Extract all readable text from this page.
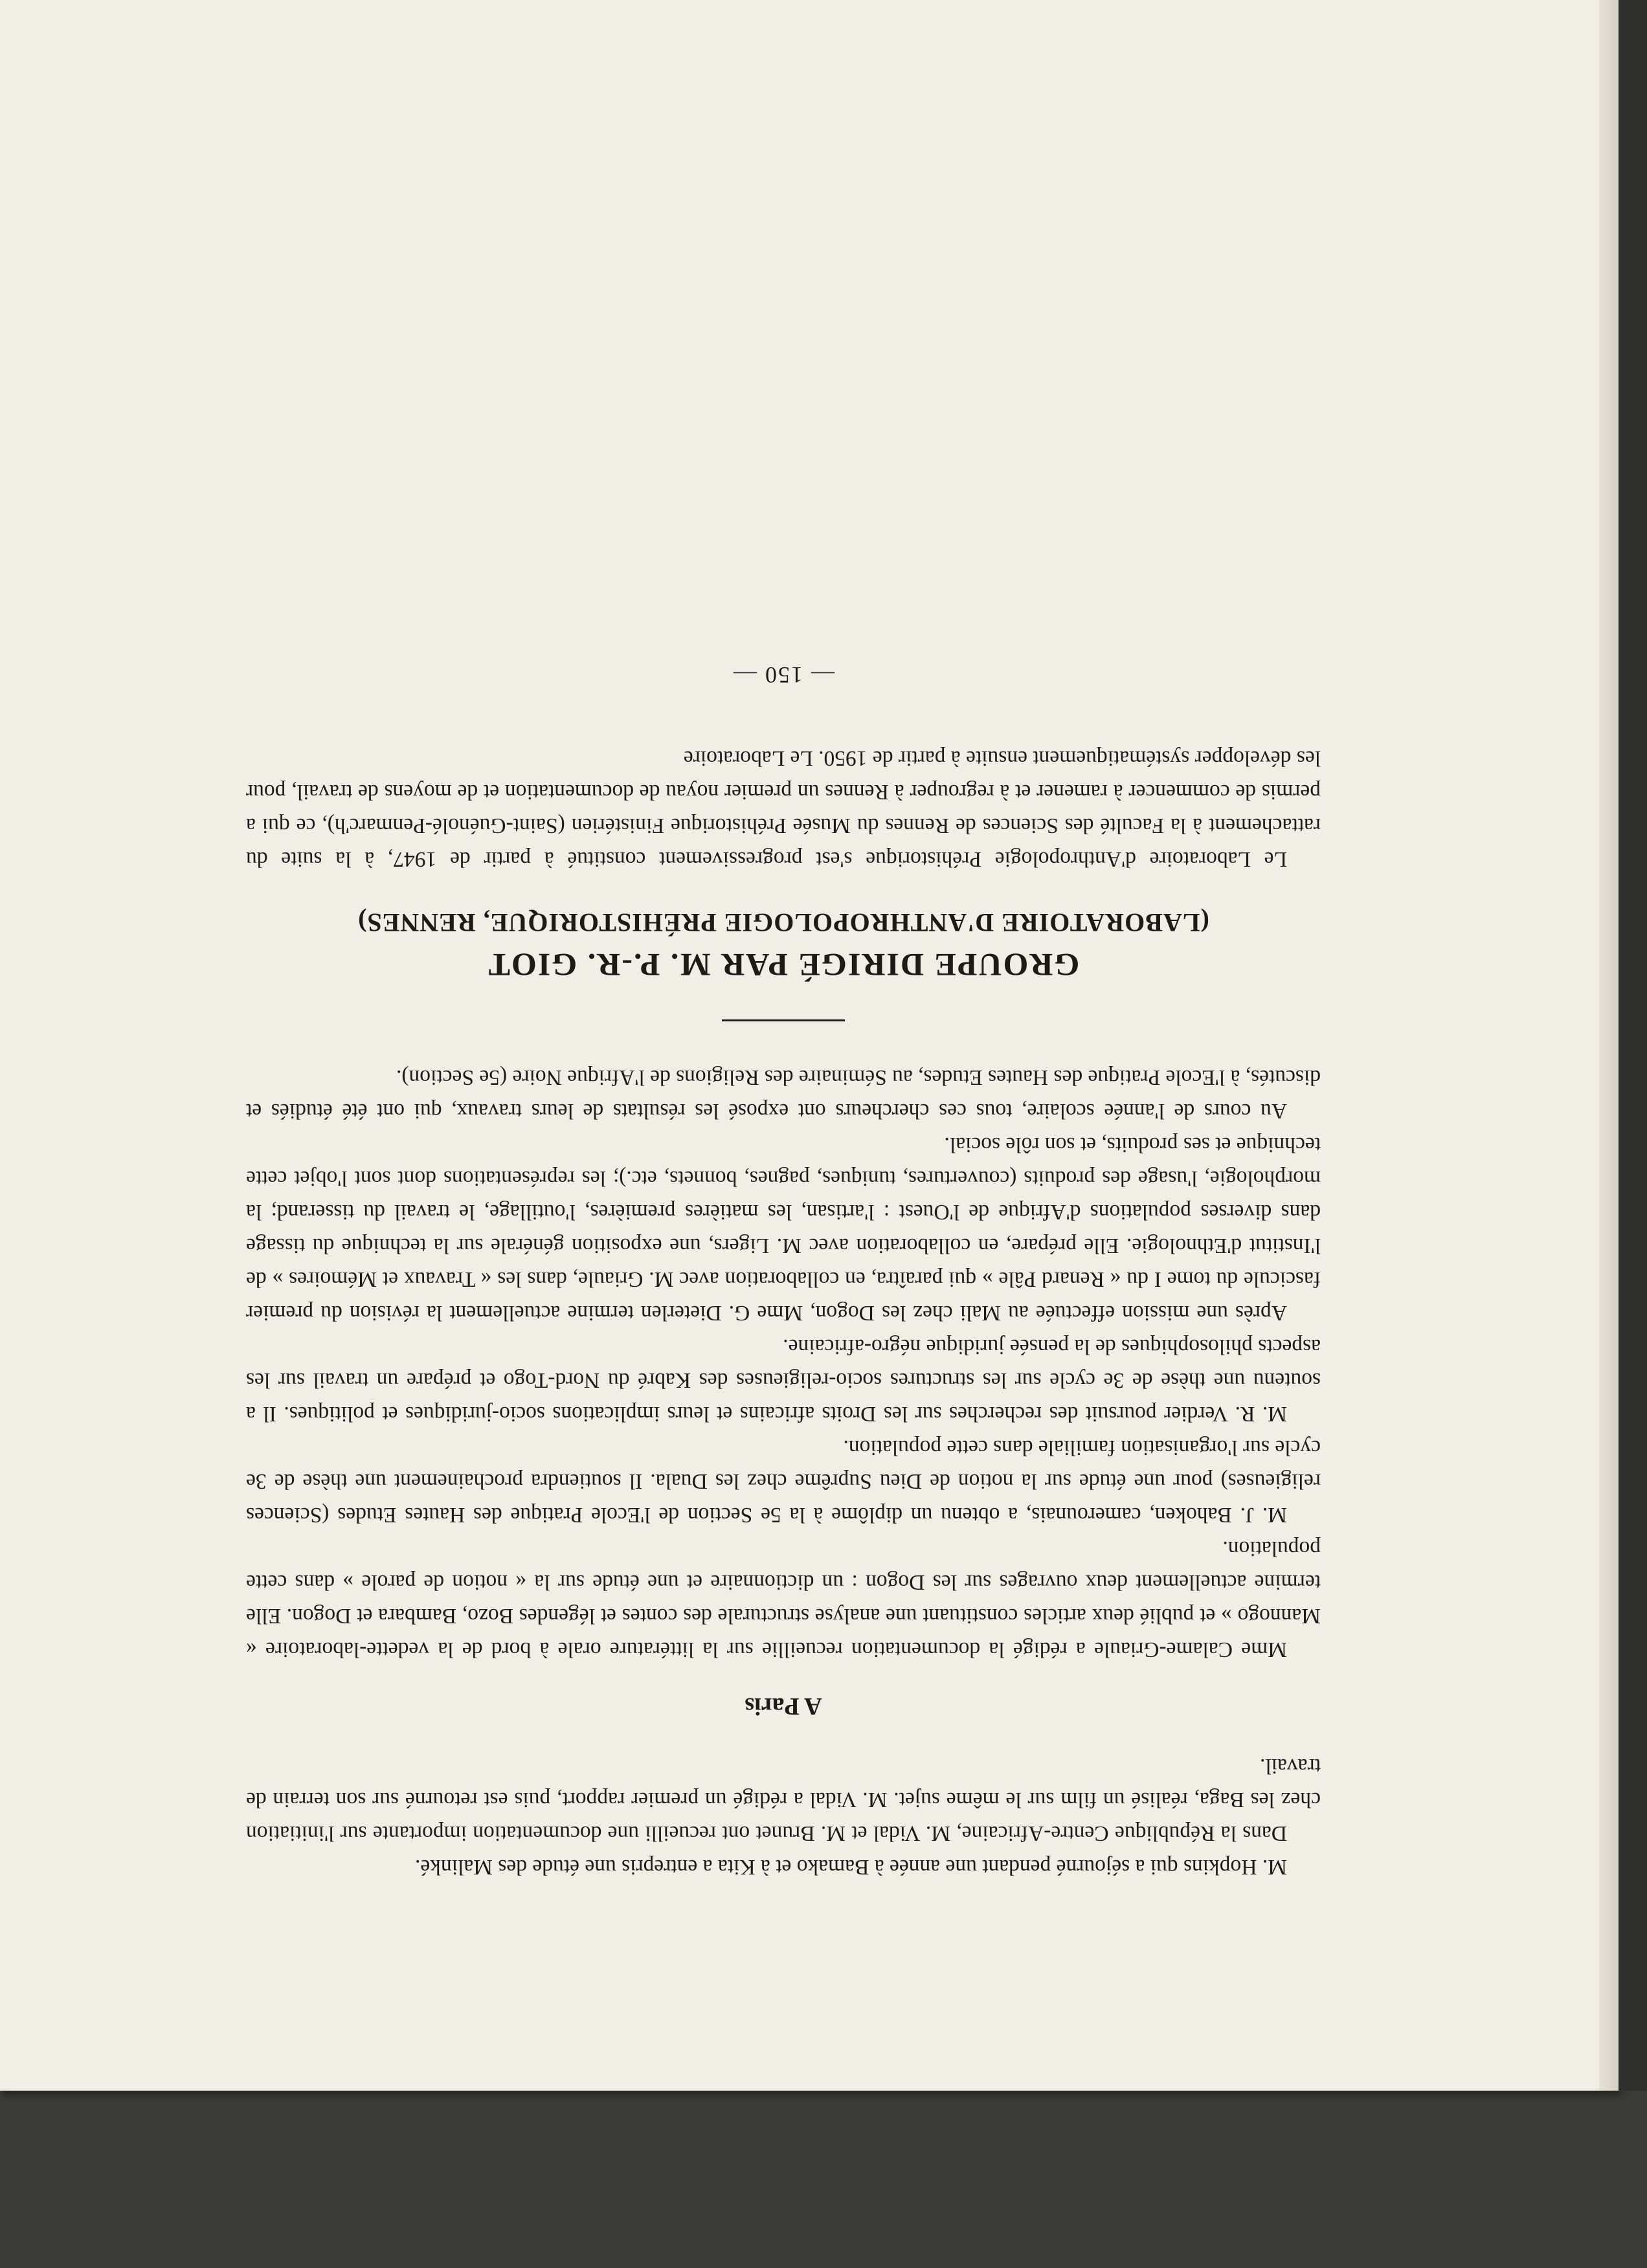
M. Hopkins qui a séjourné pendant une année à Bamako et à Kita a entrepris une étude des Malinké.

Dans la République Centre-Africaine, M. Vidal et M. Brunet ont recueilli une documentation importante sur l'initiation chez les Baga, réalisé un film sur le même sujet. M. Vidal a rédigé un premier rapport, puis est retourné sur son terrain de travail.

A Paris

Mme Calame-Griaule a rédigé la documentation recueillie sur la littérature orale à bord de la vedette-laboratoire « Mannogo » et publié deux articles constituant une analyse structurale des contes et légendes Bozo, Bambara et Dogon. Elle termine actuellement deux ouvrages sur les Dogon : un dictionnaire et une étude sur la « notion de parole » dans cette population.

M. J. Bahoken, camerounais, a obtenu un diplôme à la 5e Section de l'Ecole Pratique des Hautes Etudes (Sciences religieuses) pour une étude sur la notion de Dieu Suprême chez les Duala. Il soutiendra prochainement une thèse de 3e cycle sur l'organisation familiale dans cette population.

M. R. Verdier poursuit des recherches sur les Droits africains et leurs implications socio-juridiques et politiques. Il a soutenu une thèse de 3e cycle sur les structures socio-religieuses des Kabré du Nord-Togo et prépare un travail sur les aspects philosophiques de la pensée juridique négro-africaine.

Après une mission effectuée au Mali chez les Dogon, Mme G. Dieterlen termine actuellement la révision du premier fascicule du tome I du « Renard Pâle » qui paraîtra, en collaboration avec M. Griaule, dans les « Travaux et Mémoires » de l'Institut d'Ethnologie. Elle prépare, en collaboration avec M. Ligers, une exposition générale sur la technique du tissage dans diverses populations d'Afrique de l'Ouest : l'artisan, les matières premières, l'outillage, le travail du tisserand; la morphologie, l'usage des produits (couvertures, tuniques, pagnes, bonnets, etc.); les représentations dont sont l'objet cette technique et ses produits, et son rôle social.

Au cours de l'année scolaire, tous ces chercheurs ont exposé les résultats de leurs travaux, qui ont été étudiés et discutés, à l'Ecole Pratique des Hautes Etudes, au Séminaire des Religions de l'Afrique Noire (5e Section).

GROUPE DIRIGÉ PAR M. P.-R. GIOT
(LABORATOIRE D'ANTHROPOLOGIE PRÉHISTORIQUE, RENNES)

Le Laboratoire d'Anthropologie Préhistorique s'est progressivement constitué à partir de 1947, à la suite du rattachement à la Faculté des Sciences de Rennes du Musée Préhistorique Finistérien (Saint-Guénolé-Penmarc'h), ce qui a permis de commencer à ramener et à regrouper à Rennes un premier noyau de documentation et de moyens de travail, pour les développer systématiquement ensuite à partir de 1950. Le Laboratoire

— 150 —
